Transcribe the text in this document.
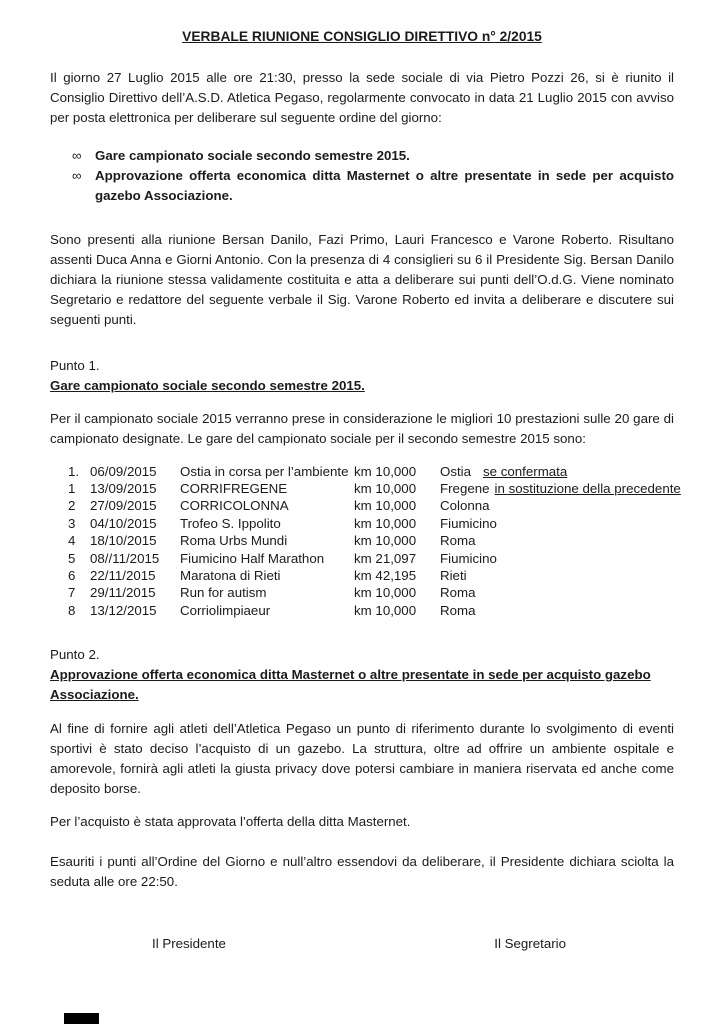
VERBALE RIUNIONE CONSIGLIO DIRETTIVO n° 2/2015

Il giorno 27 Luglio 2015 alle ore 21:30, presso la sede sociale di via Pietro Pozzi 26, si è riunito il Consiglio Direttivo dell’A.S.D. Atletica Pegaso, regolarmente convocato in data 21 Luglio 2015 con avviso per posta elettronica per deliberare sul seguente ordine del giorno:

∞	Gare campionato sociale secondo semestre 2015.
∞	Approvazione offerta economica ditta Masternet o altre presentate in sede per acquisto gazebo Associazione.

Sono presenti alla riunione Bersan Danilo, Fazi Primo, Lauri Francesco e Varone Roberto. Risultano assenti Duca Anna e Giorni Antonio. Con la presenza di 4 consiglieri su 6 il Presidente Sig. Bersan Danilo dichiara la riunione stessa validamente costituita e atta a deliberare sui punti dell’O.d.G. Viene nominato Segretario e redattore del seguente verbale il Sig. Varone Roberto ed invita a deliberare e discutere sui seguenti punti.

Punto 1.
Gare campionato sociale secondo semestre 2015.

Per il campionato sociale 2015 verranno prese in considerazione le migliori 10 prestazioni sulle 20 gare di campionato designate. Le gare del campionato sociale per il secondo semestre 2015 sono:

1. 06/09/2015	Ostia in corsa per l’ambiente km 10,000	Ostia se confermata
1	13/09/2015	CORRIFREGENE	km 10,000	Fregene in sostituzione della precedente
2	27/09/2015	CORRICOLONNA	km 10,000	Colonna
3	04/10/2015	Trofeo S. Ippolito	km 10,000	Fiumicino
4	18/10/2015	Roma Urbs Mundi	km 10,000	Roma
5	08//11/2015	Fiumicino Half Marathon	km 21,097	Fiumicino
6	22/11/2015	Maratona di Rieti	km 42,195	Rieti
7	29/11/2015	Run for autism	km 10,000	Roma
8	13/12/2015	Corriolimpiaeur	km 10,000	Roma
Punto 2.
Approvazione offerta economica ditta Masternet o altre presentate in sede per acquisto gazebo Associazione.

Al fine di fornire agli atleti dell’Atletica Pegaso un punto di riferimento durante lo svolgimento di eventi sportivi è stato deciso l’acquisto di un gazebo. La struttura, oltre ad offrire un ambiente ospitale e amorevole, fornirà agli atleti la giusta privacy dove potersi cambiare in maniera riservata ed anche come deposito borse.

Per l’acquisto è stata approvata l’offerta della ditta Masternet.

Esauriti i punti all’Ordine del Giorno e null’altro essendovi da deliberare, il Presidente dichiara sciolta la seduta alle ore 22:50.

Il Presidente	Il Segretario
